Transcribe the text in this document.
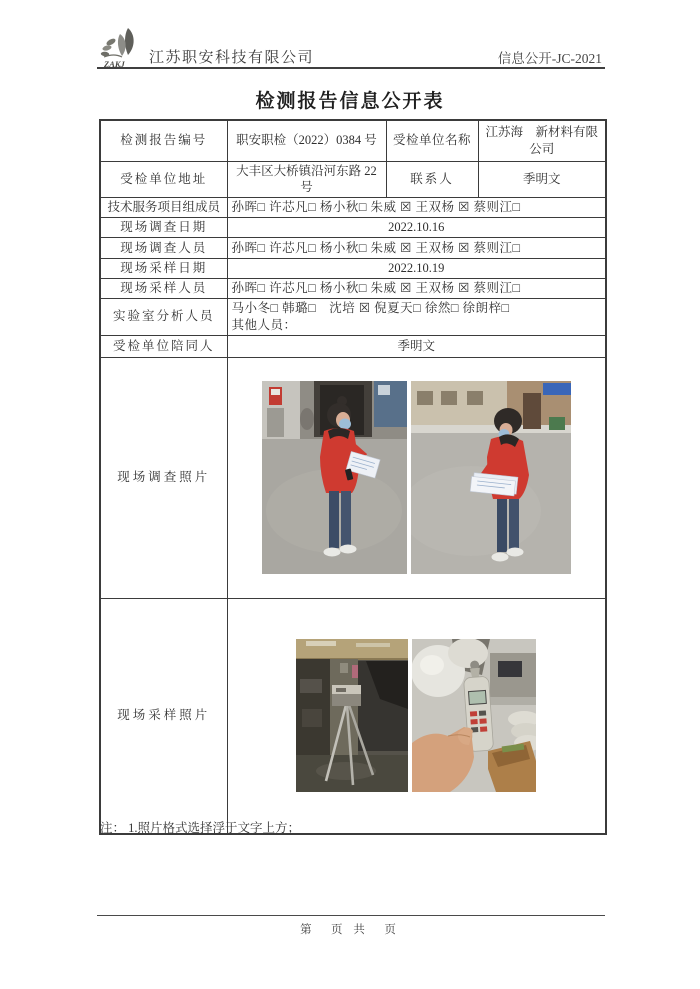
ZAKJ 江苏职安科技有限公司	信息公开-JC-2021
检测报告信息公开表
检测报告编号	职安职检（2022）0384 号	受检单位名称	江苏海　新材料有限公司
受检单位地址	大丰区大桥镇沿河东路 22 号	联系人	季明文
技术服务项目组成员	孙晖□ 许芯凡□ 杨小秋□ 朱威 ☒ 王双杨 ☒ 蔡则江□		
现场调查日期	2022.10.16		
现场调查人员	孙晖□ 许芯凡□ 杨小秋□ 朱威 ☒ 王双杨 ☒ 蔡则江□		
现场采样日期	2022.10.19		
现场采样人员	孙晖□ 许芯凡□ 杨小秋□ 朱威 ☒ 王双杨 ☒ 蔡则江□		
实验室分析人员	马小冬□ 韩璐□　沈培 ☒ 倪夏天□ 徐然□ 徐朗梓□
其他人员：		

受检单位陪同人	季明文		
现场调查照片	

现场采样照片	
注： 1.照片格式选择浮于文字上方；
第　页 共　页
